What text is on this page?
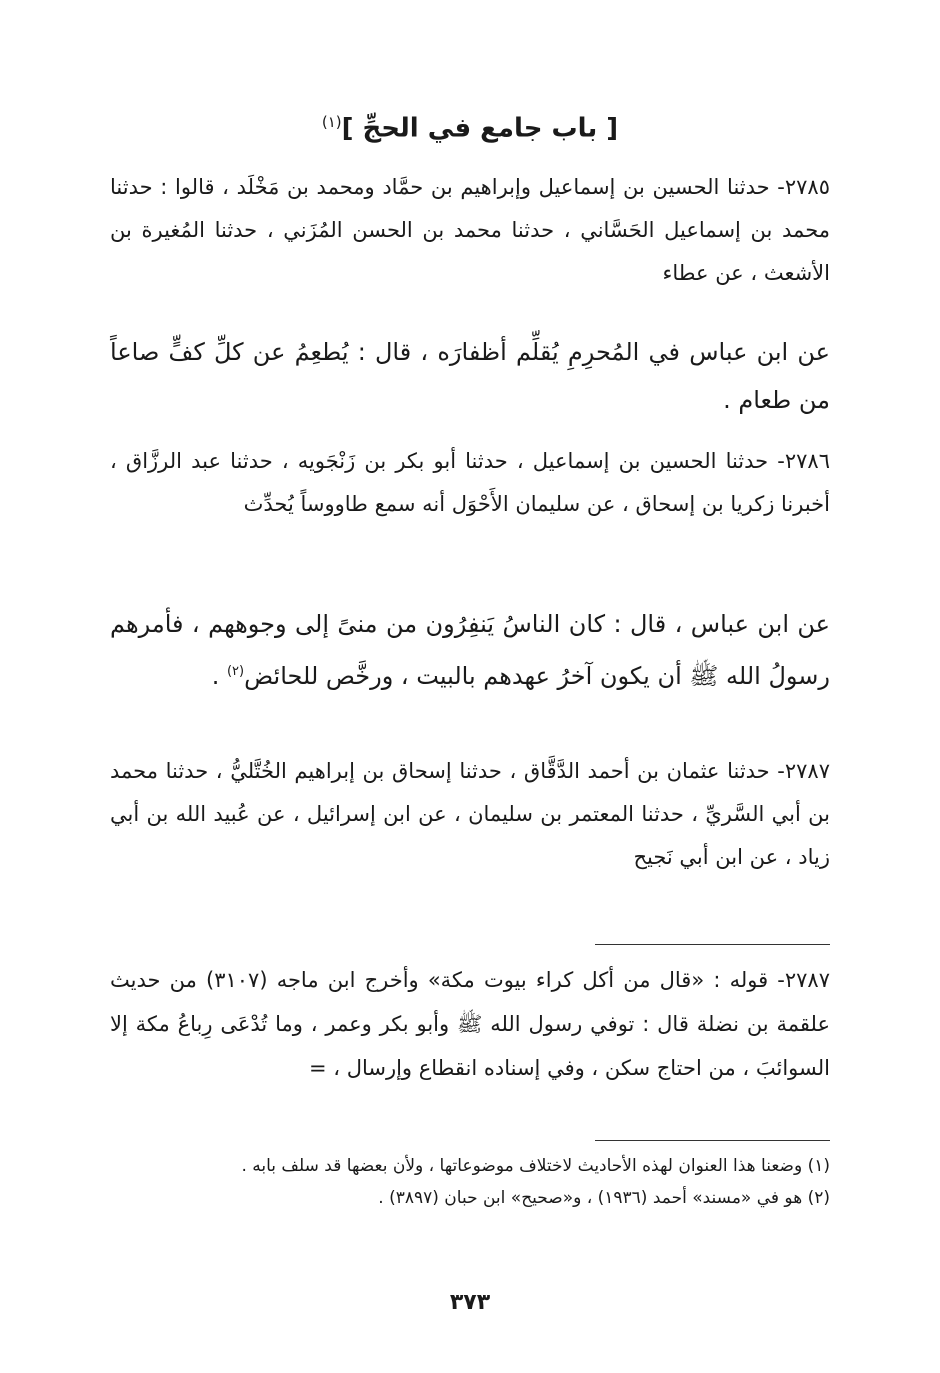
[ باب جامع في الحجِّ ]$^{(١)}$
٢٧٨٥- حدثنا الحسين بن إسماعيل وإبراهيم بن حمَّاد ومحمد بن مَخْلَد ، قالوا : حدثنا محمد بن إسماعيل الحَسَّاني ، حدثنا محمد بن الحسن المُزَني ، حدثنا المُغيرة بن الأشعث ، عن عطاء
عن ابن عباس في المُحرِمِ يُقلِّم أظفارَه ، قال : يُطعِمُ عن كلِّ كفٍّ صاعاً من طعام .
٢٧٨٦- حدثنا الحسين بن إسماعيل ، حدثنا أبو بكر بن زَنْجَويه ، حدثنا عبد الرزَّاق ، أخبرنا زكريا بن إسحاق ، عن سليمان الأَحْوَل أنه سمع طاووساً يُحدِّث
عن ابن عباس ، قال : كان الناسُ يَنفِرُون من منىً إلى وجوههم ، فأمرهم رسولُ الله ﷺ أن يكون آخرُ عهدهم بالبيت ، ورخَّص للحائض$^{(٢)}$ .
٢٧٨٧- حدثنا عثمان بن أحمد الدَّقَّاق ، حدثنا إسحاق بن إبراهيم الخُتَّليُّ ، حدثنا محمد بن أبي السَّريِّ ، حدثنا المعتمر بن سليمان ، عن ابن إسرائيل ، عن عُبيد الله بن أبي زياد ، عن ابن أبي نَجيح
٢٧٨٧- قوله : «قال من أكل كراء بيوت مكة» وأخرج ابن ماجه (٣١٠٧) من حديث علقمة بن نضلة قال : توفي رسول الله ﷺ وأبو بكر وعمر ، وما تُدْعَى رِباعُ مكة إلا السوائبَ ، من احتاج سكن ، وفي إسناده انقطاع وإرسال ، =
(١) وضعنا هذا العنوان لهذه الأحاديث لاختلاف موضوعاتها ، ولأن بعضها قد سلف بابه .
(٢) هو في «مسند» أحمد (١٩٣٦) ، و«صحيح» ابن حبان (٣٨٩٧) .
٣٧٣
